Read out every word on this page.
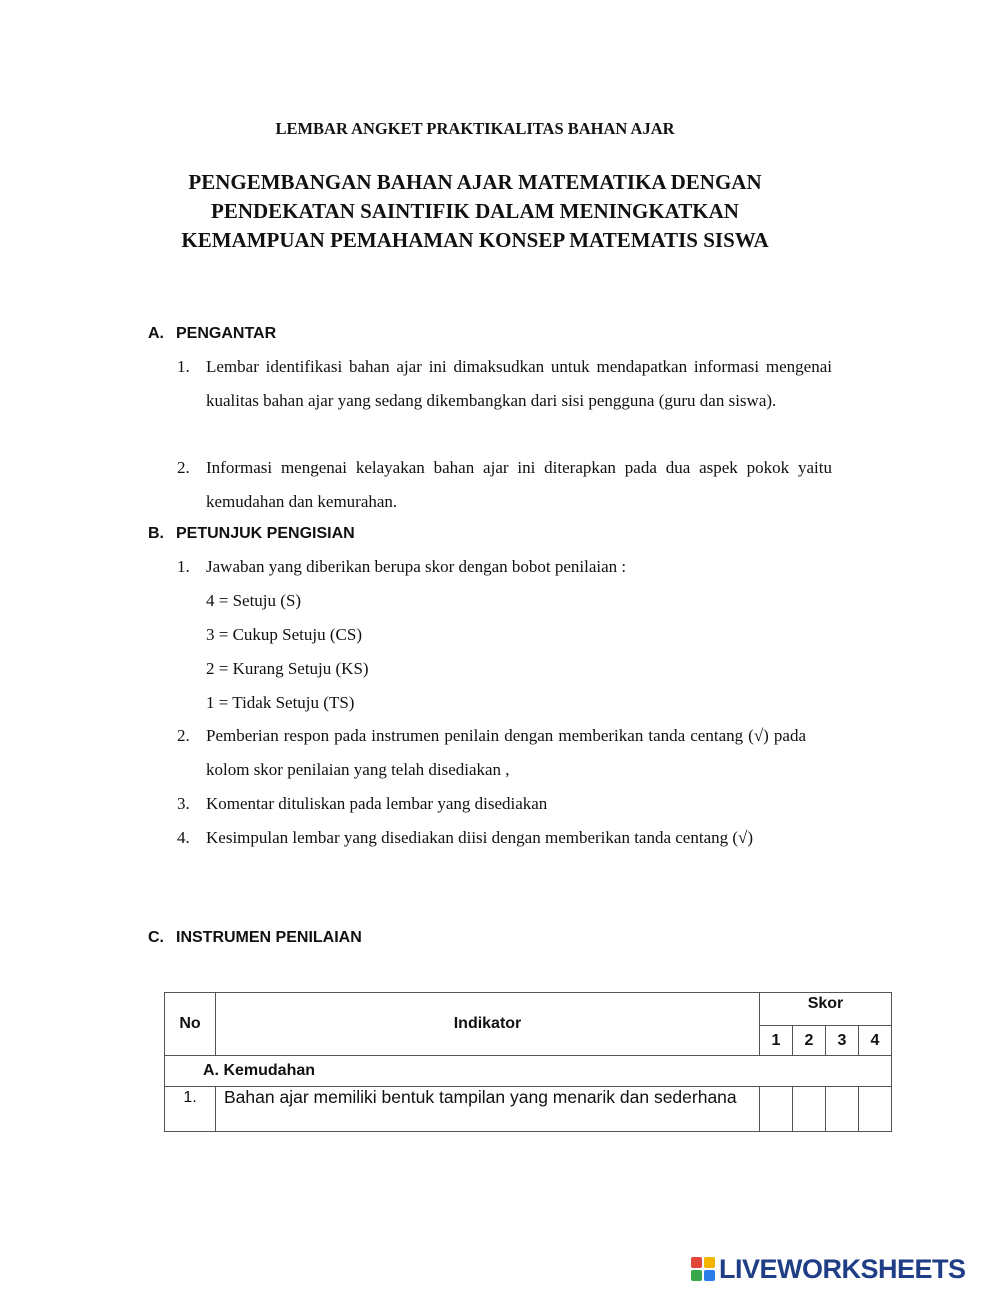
LEMBAR ANGKET PRAKTIKALITAS BAHAN AJAR
PENGEMBANGAN BAHAN AJAR MATEMATIKA DENGAN
PENDEKATAN SAINTIFIK DALAM MENINGKATKAN
KEMAMPUAN PEMAHAMAN KONSEP MATEMATIS SISWA
A. PENGANTAR
1. Lembar identifikasi bahan ajar ini dimaksudkan untuk mendapatkan informasi mengenai kualitas bahan ajar yang sedang dikembangkan dari sisi pengguna (guru dan siswa).
2. Informasi mengenai kelayakan bahan ajar ini diterapkan pada dua aspek pokok yaitu kemudahan dan kemurahan.
B. PETUNJUK PENGISIAN
1. Jawaban yang diberikan berupa skor dengan bobot penilaian :
4 = Setuju (S)
3 = Cukup Setuju (CS)
2 = Kurang Setuju (KS)
1 = Tidak Setuju (TS)
2. Pemberian respon pada instrumen penilain dengan memberikan tanda centang (√) pada kolom skor penilaian yang telah disediakan ,
3. Komentar dituliskan pada lembar yang disediakan
4. Kesimpulan lembar yang disediakan diisi dengan memberikan tanda centang (√)
C. INSTRUMEN PENILAIAN
No	Indikator	Skor			
		1	2	3	4
A. Kemudahan					
1.	Bahan ajar memiliki bentuk tampilan yang menarik dan sederhana				
LIVEWORKSHEETS
